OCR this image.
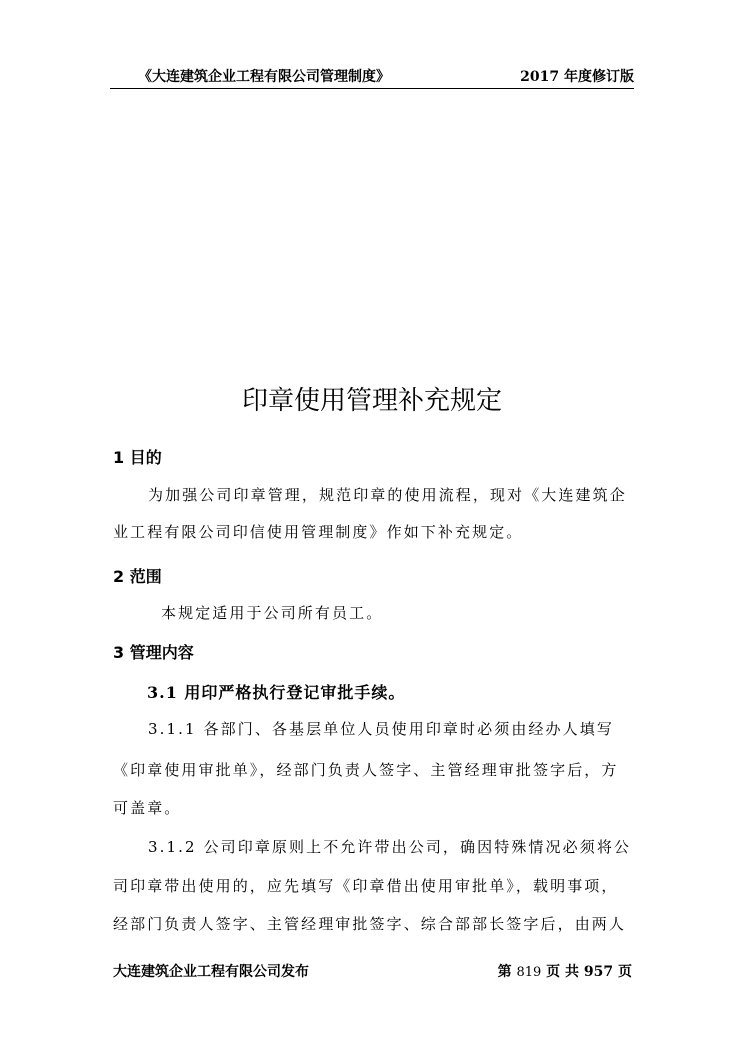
《大连建筑企业工程有限公司管理制度》	2017 年度修订版
印章使用管理补充规定
1 目的
为加强公司印章管理，规范印章的使用流程，现对《大连建筑企
业工程有限公司印信使用管理制度》作如下补充规定。
2 范围
本规定适用于公司所有员工。
3 管理内容
3.1 用印严格执行登记审批手续。
3.1.1 各部门、各基层单位人员使用印章时必须由经办人填写
《印章使用审批单》，经部门负责人签字、主管经理审批签字后，方
可盖章。
3.1.2 公司印章原则上不允许带出公司，确因特殊情况必须将公
司印章带出使用的，应先填写《印章借出使用审批单》，载明事项，
经部门负责人签字、主管经理审批签字、综合部部长签字后，由两人
大连建筑企业工程有限公司发布	第 819 页 共 957 页
